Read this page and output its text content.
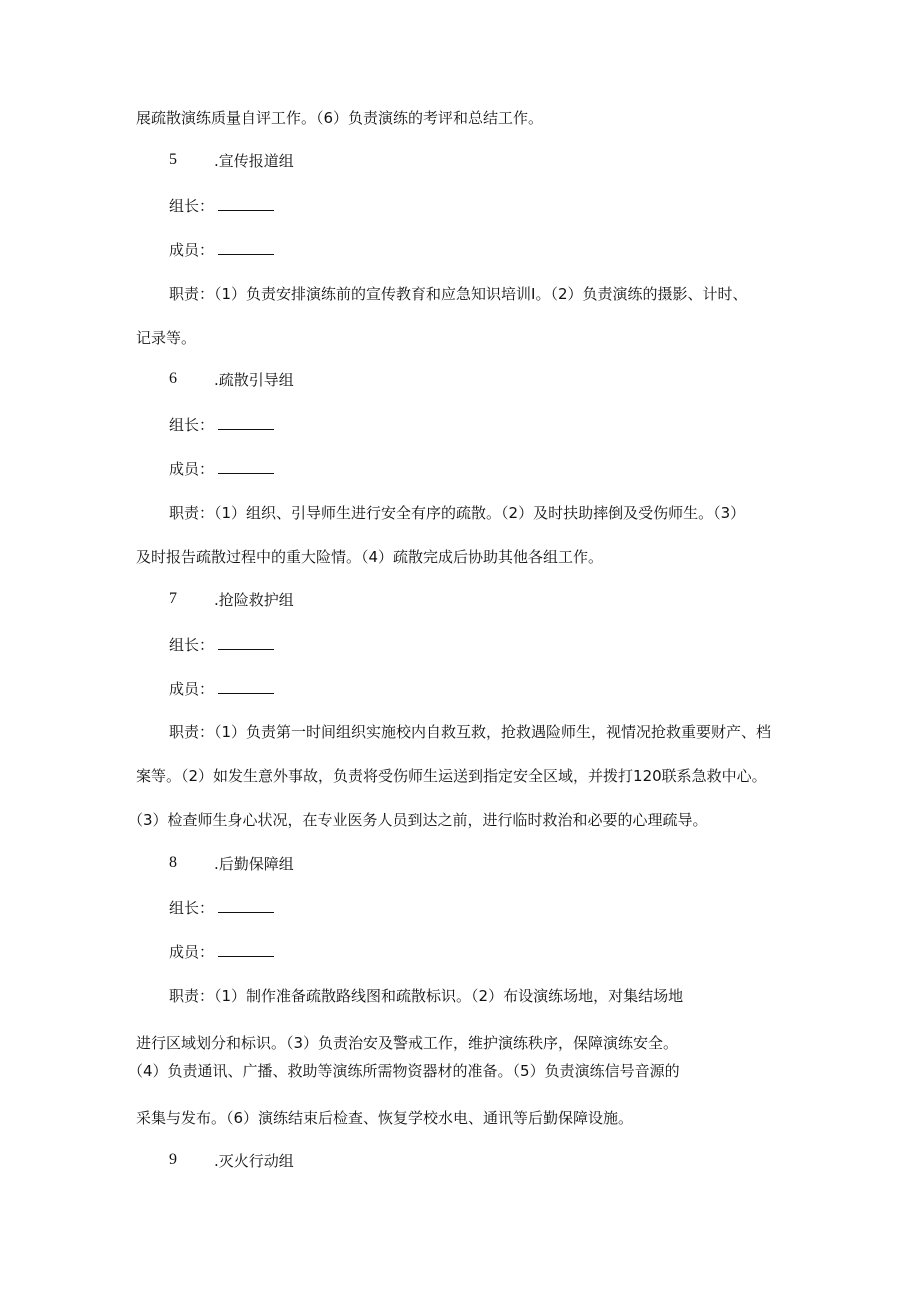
展疏散演练质量自评工作。（6）负责演练的考评和总结工作。
5 .宣传报道组
组长：
成员：
职责：（1）负责安排演练前的宣传教育和应急知识培训I。（2）负责演练的摄影、计时、
记录等。
6 .疏散引导组
组长：
成员：
职责：（1）组织、引导师生进行安全有序的疏散。（2）及时扶助摔倒及受伤师生。（3）
及时报告疏散过程中的重大险情。（4）疏散完成后协助其他各组工作。
7 .抢险救护组
组长：
成员：
职责：（1）负责第一时间组织实施校内自救互救，抢救遇险师生，视情况抢救重要财产、档
案等。（2）如发生意外事故，负责将受伤师生运送到指定安全区域，并拨打120联系急救中心。
（3）检查师生身心状况，在专业医务人员到达之前，进行临时救治和必要的心理疏导。
8 .后勤保障组
组长：
成员：
职责：（1）制作准备疏散路线图和疏散标识。（2）布设演练场地，对集结场地
进行区域划分和标识。（3）负责治安及警戒工作，维护演练秩序，保障演练安全。
（4）负责通讯、广播、救助等演练所需物资器材的准备。（5）负责演练信号音源的
采集与发布。（6）演练结束后检查、恢复学校水电、通讯等后勤保障设施。
9 .灭火行动组
